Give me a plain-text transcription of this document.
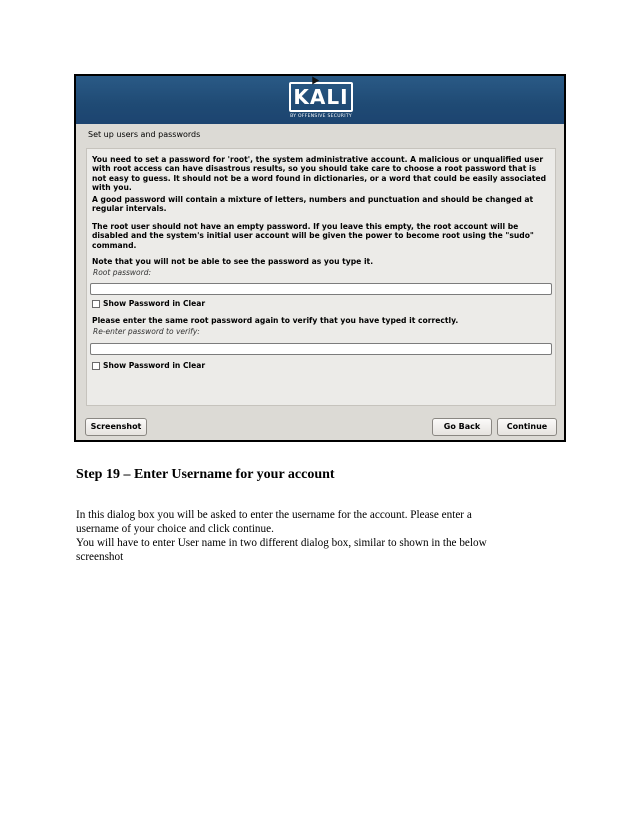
KALI
BY OFFENSIVE SECURITY
Set up users and passwords
You need to set a password for 'root', the system administrative account. A malicious or unqualified user with root access can have disastrous results, so you should take care to choose a root password that is not easy to guess. It should not be a word found in dictionaries, or a word that could be easily associated with you.
A good password will contain a mixture of letters, numbers and punctuation and should be changed at regular intervals.
The root user should not have an empty password. If you leave this empty, the root account will be disabled and the system's initial user account will be given the power to become root using the "sudo" command.
Note that you will not be able to see the password as you type it.
Root password:
Show Password in Clear
Please enter the same root password again to verify that you have typed it correctly.
Re-enter password to verify:
Show Password in Clear
Screenshot	Go Back	Continue
Step 19 – Enter Username for your account
In this dialog box you will be asked to enter the username for the account. Please enter a
username of your choice and click continue.
You will have to enter User name in two different dialog box, similar to shown in the below
screenshot
